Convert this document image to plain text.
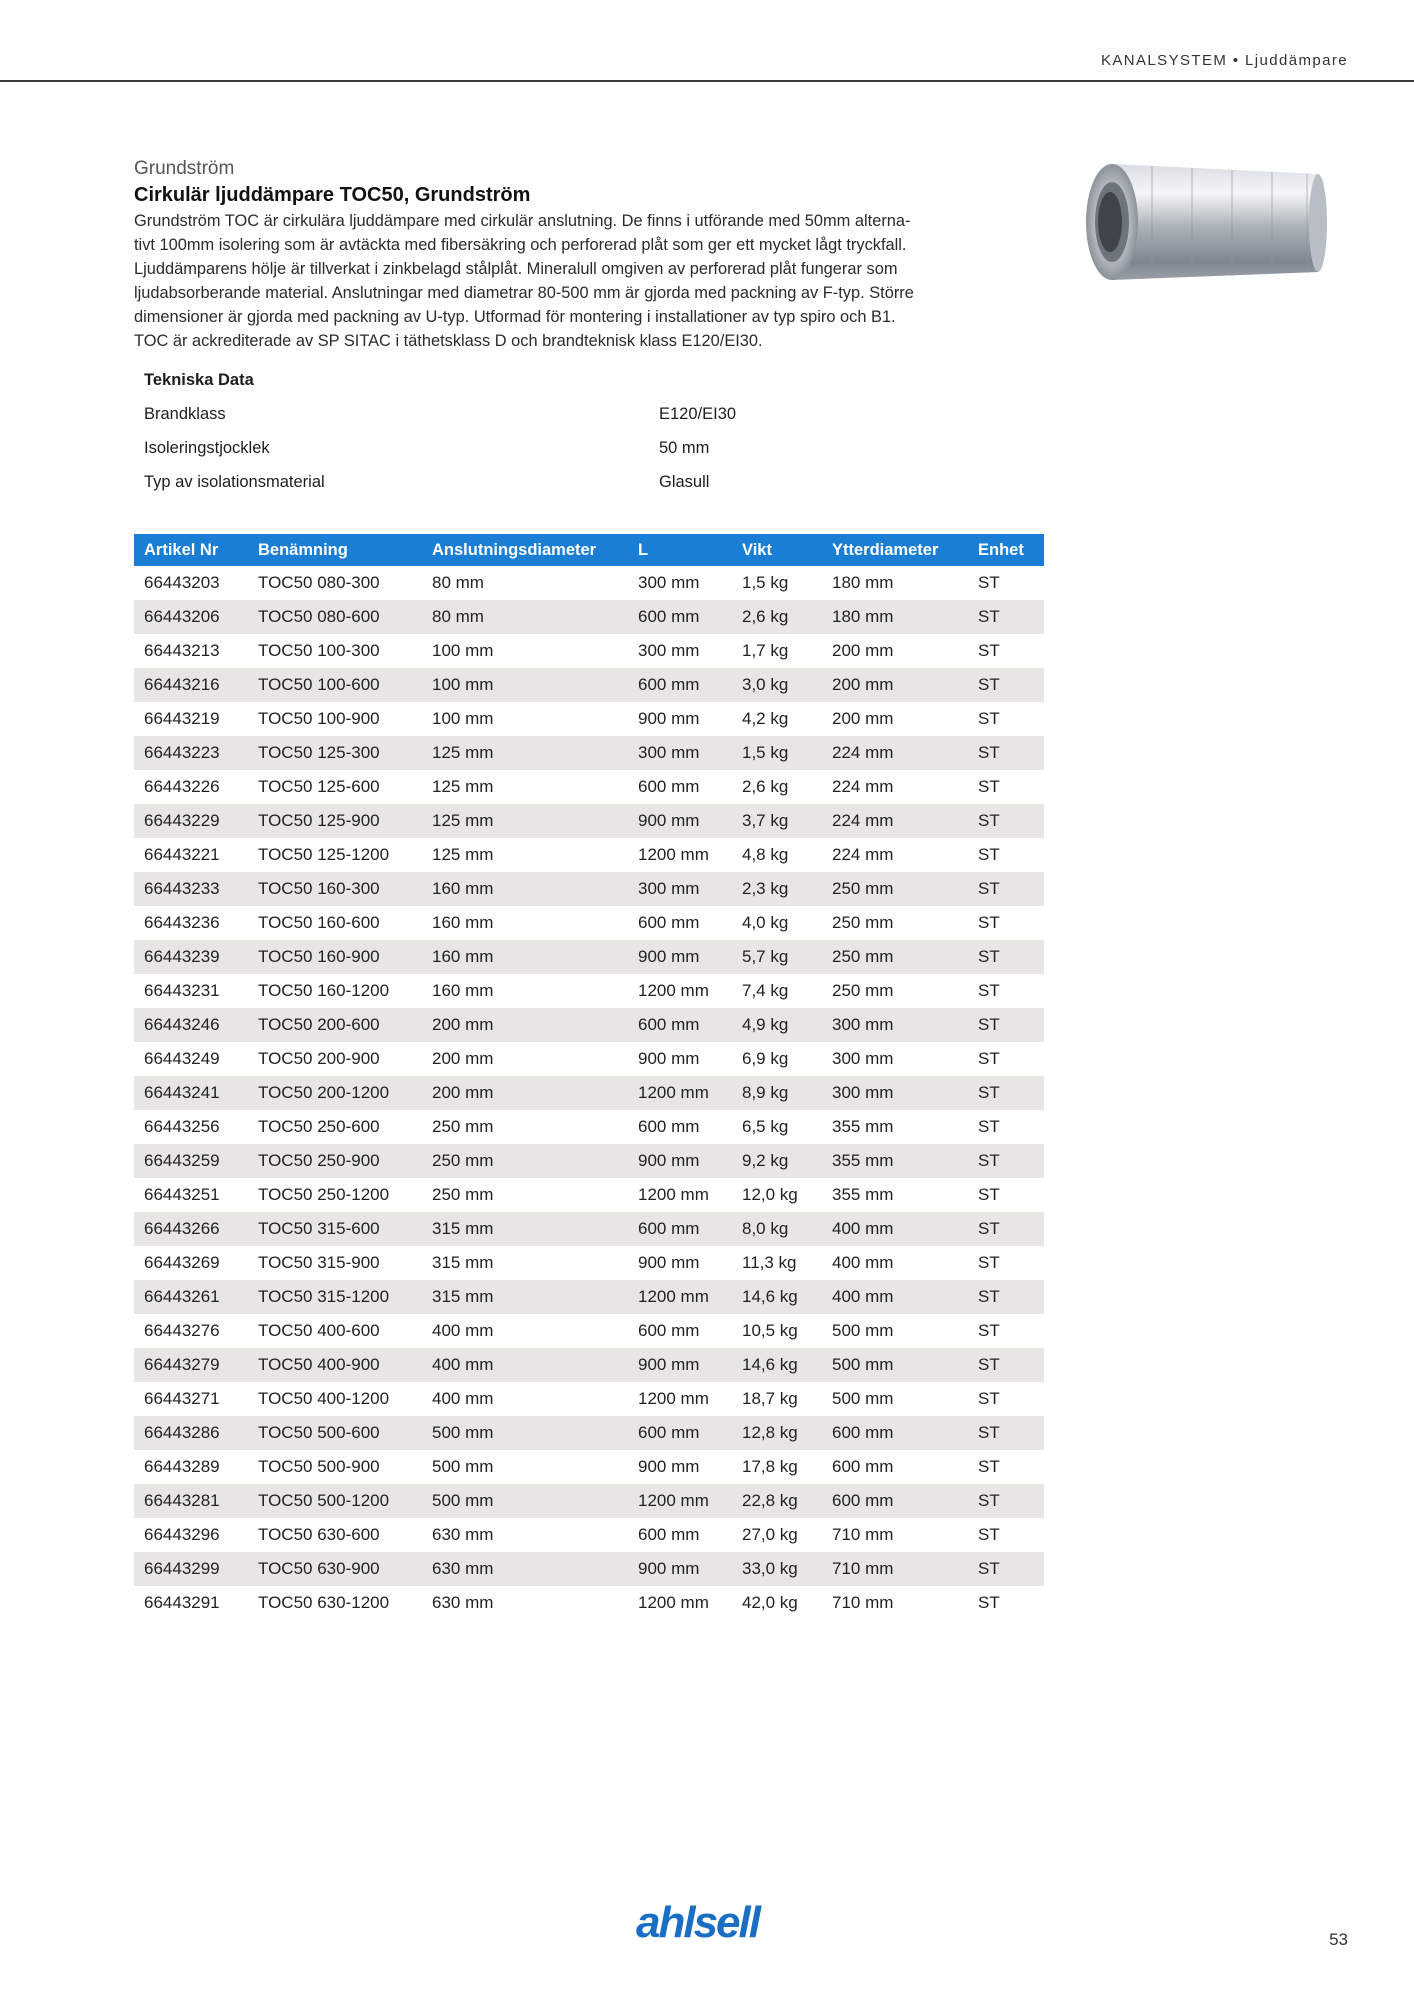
KANALSYSTEM • Ljuddämpare
Grundström
Cirkulär ljuddämpare TOC50, Grundström

Grundström TOC är cirkulära ljuddämpare med cirkulär anslutning. De finns i utförande med 50mm alterna-

tivt 100mm isolering som är avtäckta med fibersäkring och perforerad plåt som ger ett mycket lågt tryckfall.

Ljuddämparens hölje är tillverkat i zinkbelagd stålplåt. Mineralull omgiven av perforerad plåt fungerar som

ljudabsorberande material. Anslutningar med diametrar 80-500 mm är gjorda med packning av F-typ. Större

dimensioner är gjorda med packning av U-typ. Utformad för montering i installationer av typ spiro och B1.

TOC är ackrediterade av SP SITAC i täthetsklass D och brandteknisk klass E120/EI30.

Tekniska Data
Brandklass	E120/EI30
Isoleringstjocklek	50 mm
Typ av isolationsmaterial	Glasull
Artikel Nr	Benämning	Anslutningsdiameter	L	Vikt	Ytterdiameter	Enhet
66443203	TOC50 080-300	80 mm	300 mm	1,5 kg	180 mm	ST
66443206	TOC50 080-600	80 mm	600 mm	2,6 kg	180 mm	ST
66443213	TOC50 100-300	100 mm	300 mm	1,7 kg	200 mm	ST
66443216	TOC50 100-600	100 mm	600 mm	3,0 kg	200 mm	ST
66443219	TOC50 100-900	100 mm	900 mm	4,2 kg	200 mm	ST
66443223	TOC50 125-300	125 mm	300 mm	1,5 kg	224 mm	ST
66443226	TOC50 125-600	125 mm	600 mm	2,6 kg	224 mm	ST
66443229	TOC50 125-900	125 mm	900 mm	3,7 kg	224 mm	ST
66443221	TOC50 125-1200	125 mm	1200 mm	4,8 kg	224 mm	ST
66443233	TOC50 160-300	160 mm	300 mm	2,3 kg	250 mm	ST
66443236	TOC50 160-600	160 mm	600 mm	4,0 kg	250 mm	ST
66443239	TOC50 160-900	160 mm	900 mm	5,7 kg	250 mm	ST
66443231	TOC50 160-1200	160 mm	1200 mm	7,4 kg	250 mm	ST
66443246	TOC50 200-600	200 mm	600 mm	4,9 kg	300 mm	ST
66443249	TOC50 200-900	200 mm	900 mm	6,9 kg	300 mm	ST
66443241	TOC50 200-1200	200 mm	1200 mm	8,9 kg	300 mm	ST
66443256	TOC50 250-600	250 mm	600 mm	6,5 kg	355 mm	ST
66443259	TOC50 250-900	250 mm	900 mm	9,2 kg	355 mm	ST
66443251	TOC50 250-1200	250 mm	1200 mm	12,0 kg	355 mm	ST
66443266	TOC50 315-600	315 mm	600 mm	8,0 kg	400 mm	ST
66443269	TOC50 315-900	315 mm	900 mm	11,3 kg	400 mm	ST
66443261	TOC50 315-1200	315 mm	1200 mm	14,6 kg	400 mm	ST
66443276	TOC50 400-600	400 mm	600 mm	10,5 kg	500 mm	ST
66443279	TOC50 400-900	400 mm	900 mm	14,6 kg	500 mm	ST
66443271	TOC50 400-1200	400 mm	1200 mm	18,7 kg	500 mm	ST
66443286	TOC50 500-600	500 mm	600 mm	12,8 kg	600 mm	ST
66443289	TOC50 500-900	500 mm	900 mm	17,8 kg	600 mm	ST
66443281	TOC50 500-1200	500 mm	1200 mm	22,8 kg	600 mm	ST
66443296	TOC50 630-600	630 mm	600 mm	27,0 kg	710 mm	ST
66443299	TOC50 630-900	630 mm	900 mm	33,0 kg	710 mm	ST
66443291	TOC50 630-1200	630 mm	1200 mm	42,0 kg	710 mm	ST
ahlsell	53
